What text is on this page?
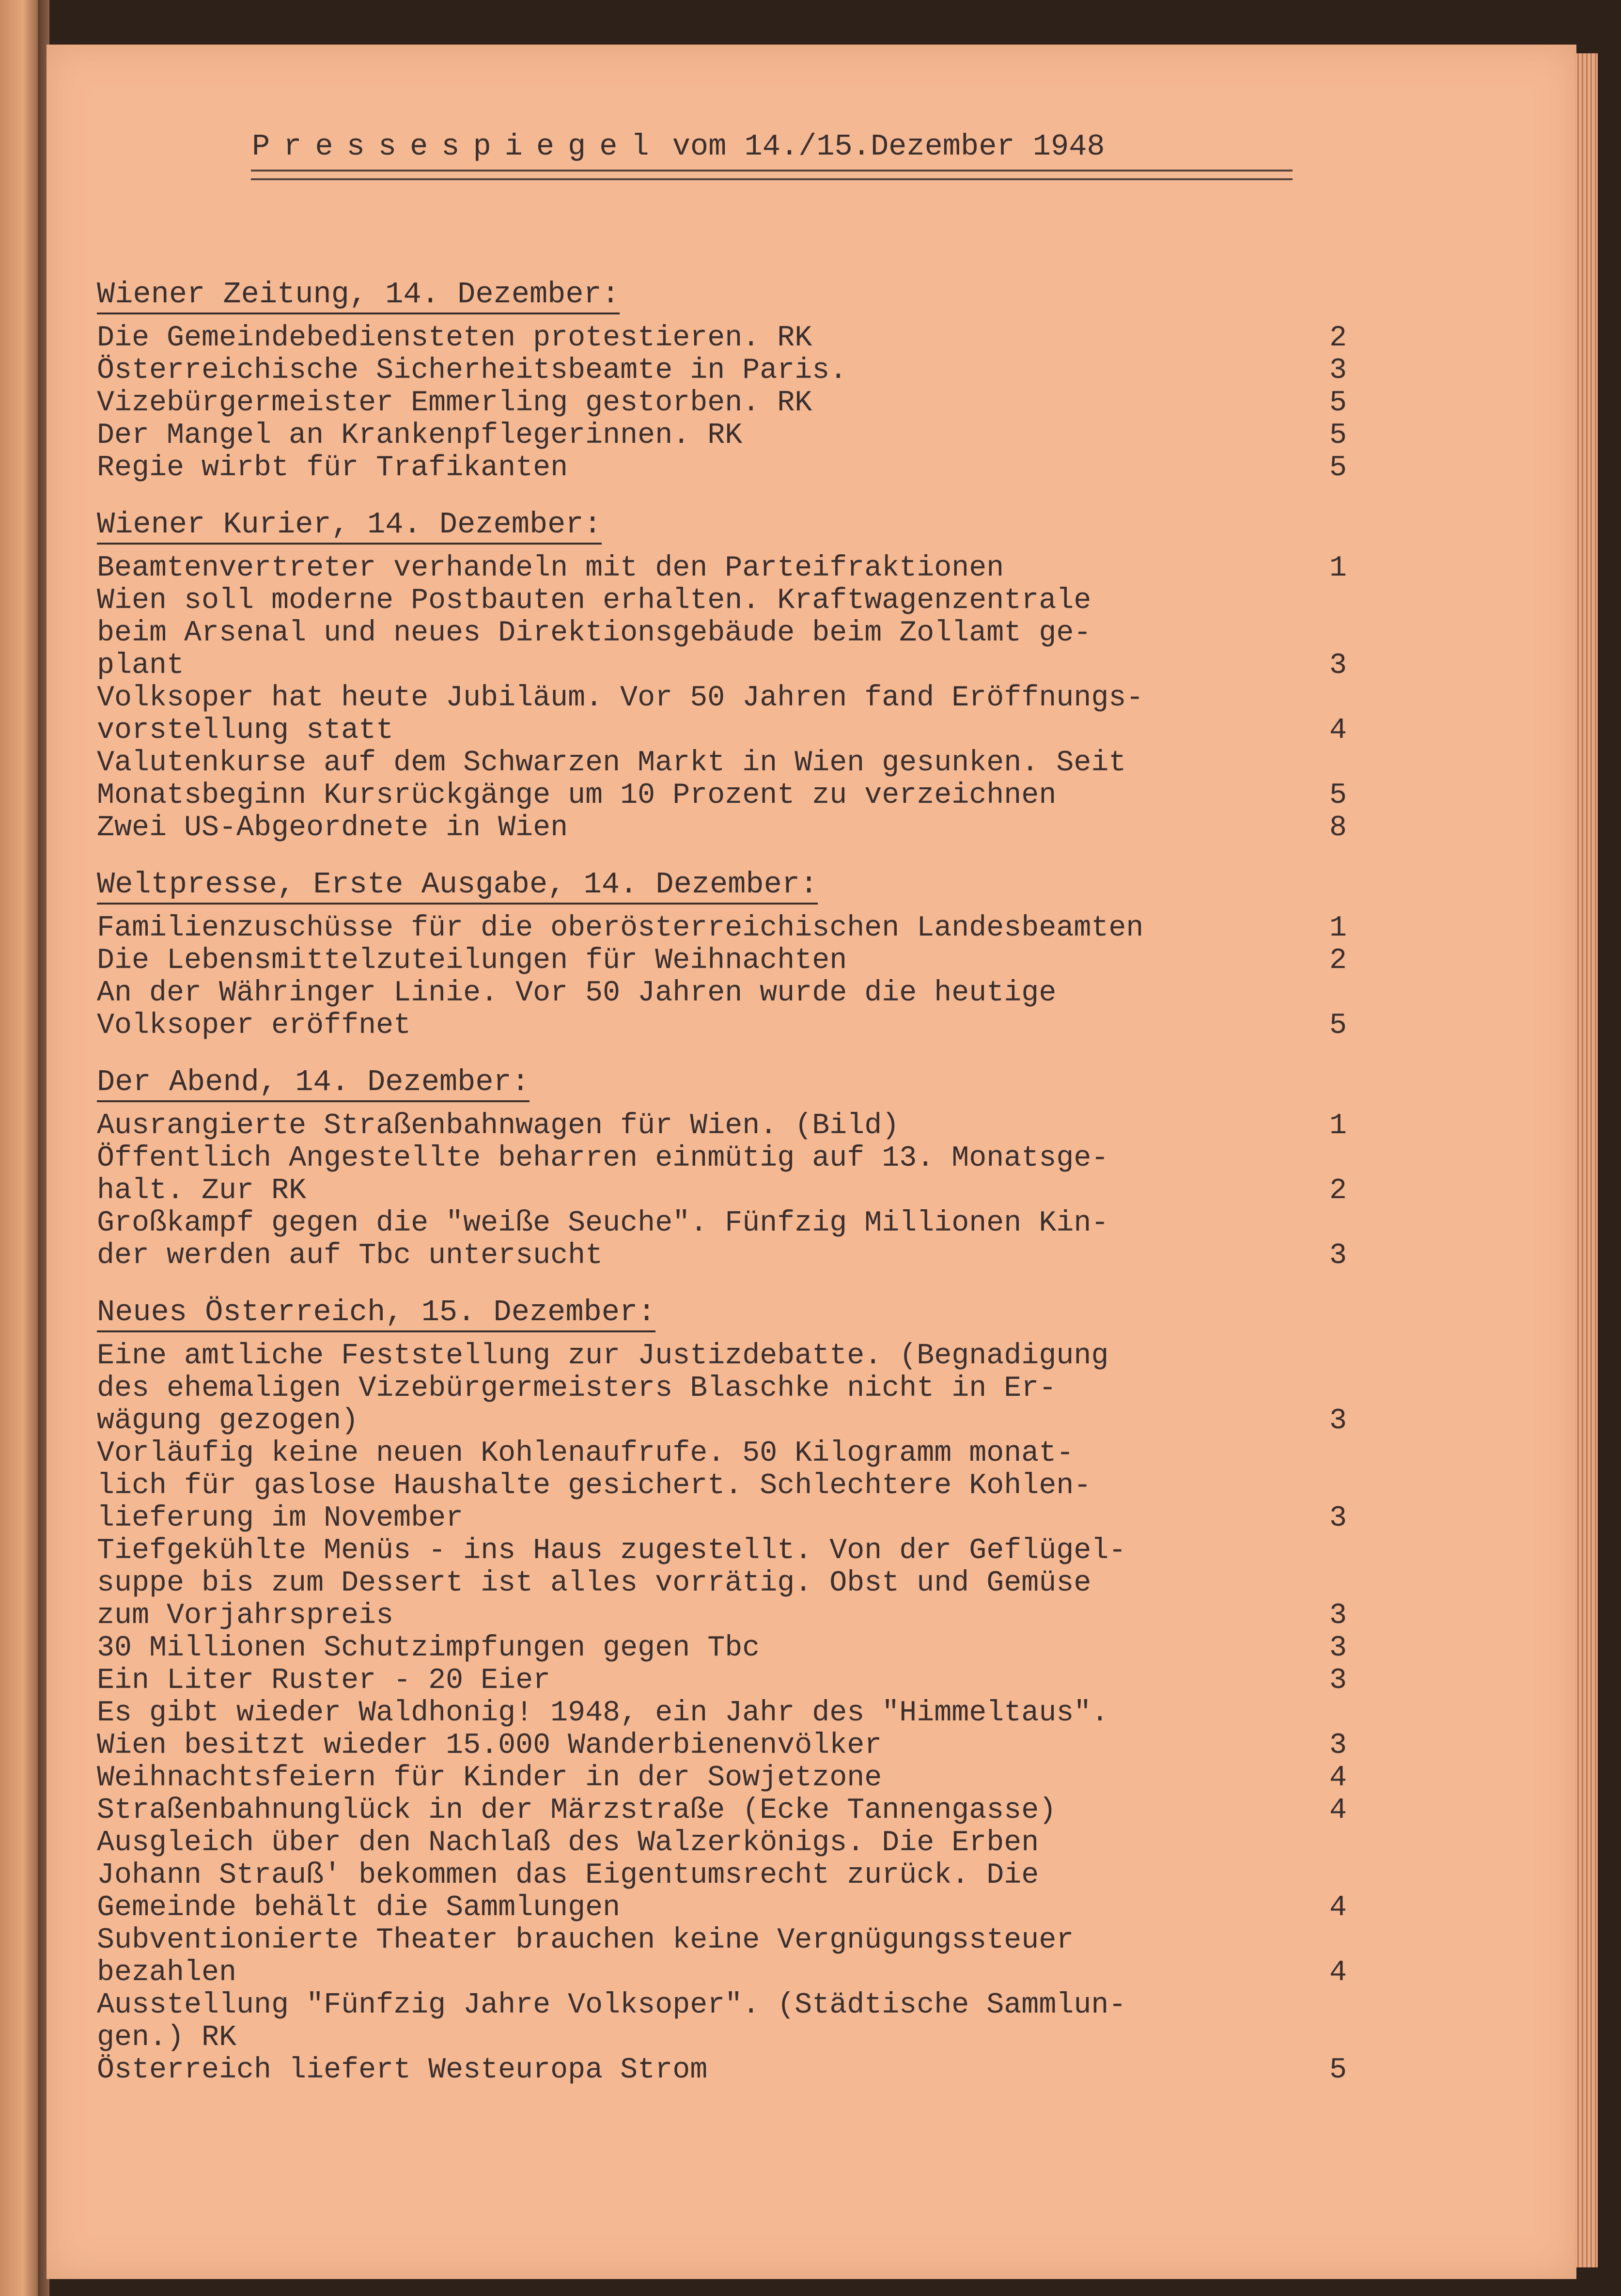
Pressespiegel vom 14./15.Dezember 1948
Wiener Zeitung, 14. Dezember:
Die Gemeindebediensteten protestieren. RK	2
Österreichische Sicherheitsbeamte in Paris.	3
Vizebürgermeister Emmerling gestorben. RK	5
Der Mangel an Krankenpflegerinnen. RK	5
Regie wirbt für Trafikanten	5
Wiener Kurier, 14. Dezember:
Beamtenvertreter verhandeln mit den Parteifraktionen	1
Wien soll moderne Postbauten erhalten. Kraftwagenzentrale
beim Arsenal und neues Direktionsgebäude beim Zollamt ge-
plant	3
Volksoper hat heute Jubiläum. Vor 50 Jahren fand Eröffnungs-
vorstellung statt	4
Valutenkurse auf dem Schwarzen Markt in Wien gesunken. Seit
Monatsbeginn Kursrückgänge um 10 Prozent zu verzeichnen	5
Zwei US-Abgeordnete in Wien	8
Weltpresse, Erste Ausgabe, 14. Dezember:
Familienzuschüsse für die oberösterreichischen Landesbeamten	1
Die Lebensmittelzuteilungen für Weihnachten	2
An der Währinger Linie. Vor 50 Jahren wurde die heutige
Volksoper eröffnet	5
Der Abend, 14. Dezember:
Ausrangierte Straßenbahnwagen für Wien. (Bild)	1
Öffentlich Angestellte beharren einmütig auf 13. Monatsge-
halt. Zur RK	2
Großkampf gegen die "weiße Seuche". Fünfzig Millionen Kin-
der werden auf Tbc untersucht	3
Neues Österreich, 15. Dezember:
Eine amtliche Feststellung zur Justizdebatte. (Begnadigung
des ehemaligen Vizebürgermeisters Blaschke nicht in Er-
wägung gezogen)	3
Vorläufig keine neuen Kohlenaufrufe. 50 Kilogramm monat-
lich für gaslose Haushalte gesichert. Schlechtere Kohlen-
lieferung im November	3
Tiefgekühlte Menüs - ins Haus zugestellt. Von der Geflügel-
suppe bis zum Dessert ist alles vorrätig. Obst und Gemüse
zum Vorjahrspreis	3
30 Millionen Schutzimpfungen gegen Tbc	3
Ein Liter Ruster - 20 Eier	3
Es gibt wieder Waldhonig! 1948, ein Jahr des "Himmeltaus".
Wien besitzt wieder 15.000 Wanderbienenvölker	3
Weihnachtsfeiern für Kinder in der Sowjetzone	4
Straßenbahnunglück in der Märzstraße (Ecke Tannengasse)	4
Ausgleich über den Nachlaß des Walzerkönigs. Die Erben
Johann Strauß' bekommen das Eigentumsrecht zurück. Die
Gemeinde behält die Sammlungen	4
Subventionierte Theater brauchen keine Vergnügungssteuer
bezahlen	4
Ausstellung "Fünfzig Jahre Volksoper". (Städtische Sammlun-
gen.) RK
Österreich liefert Westeuropa Strom	5
